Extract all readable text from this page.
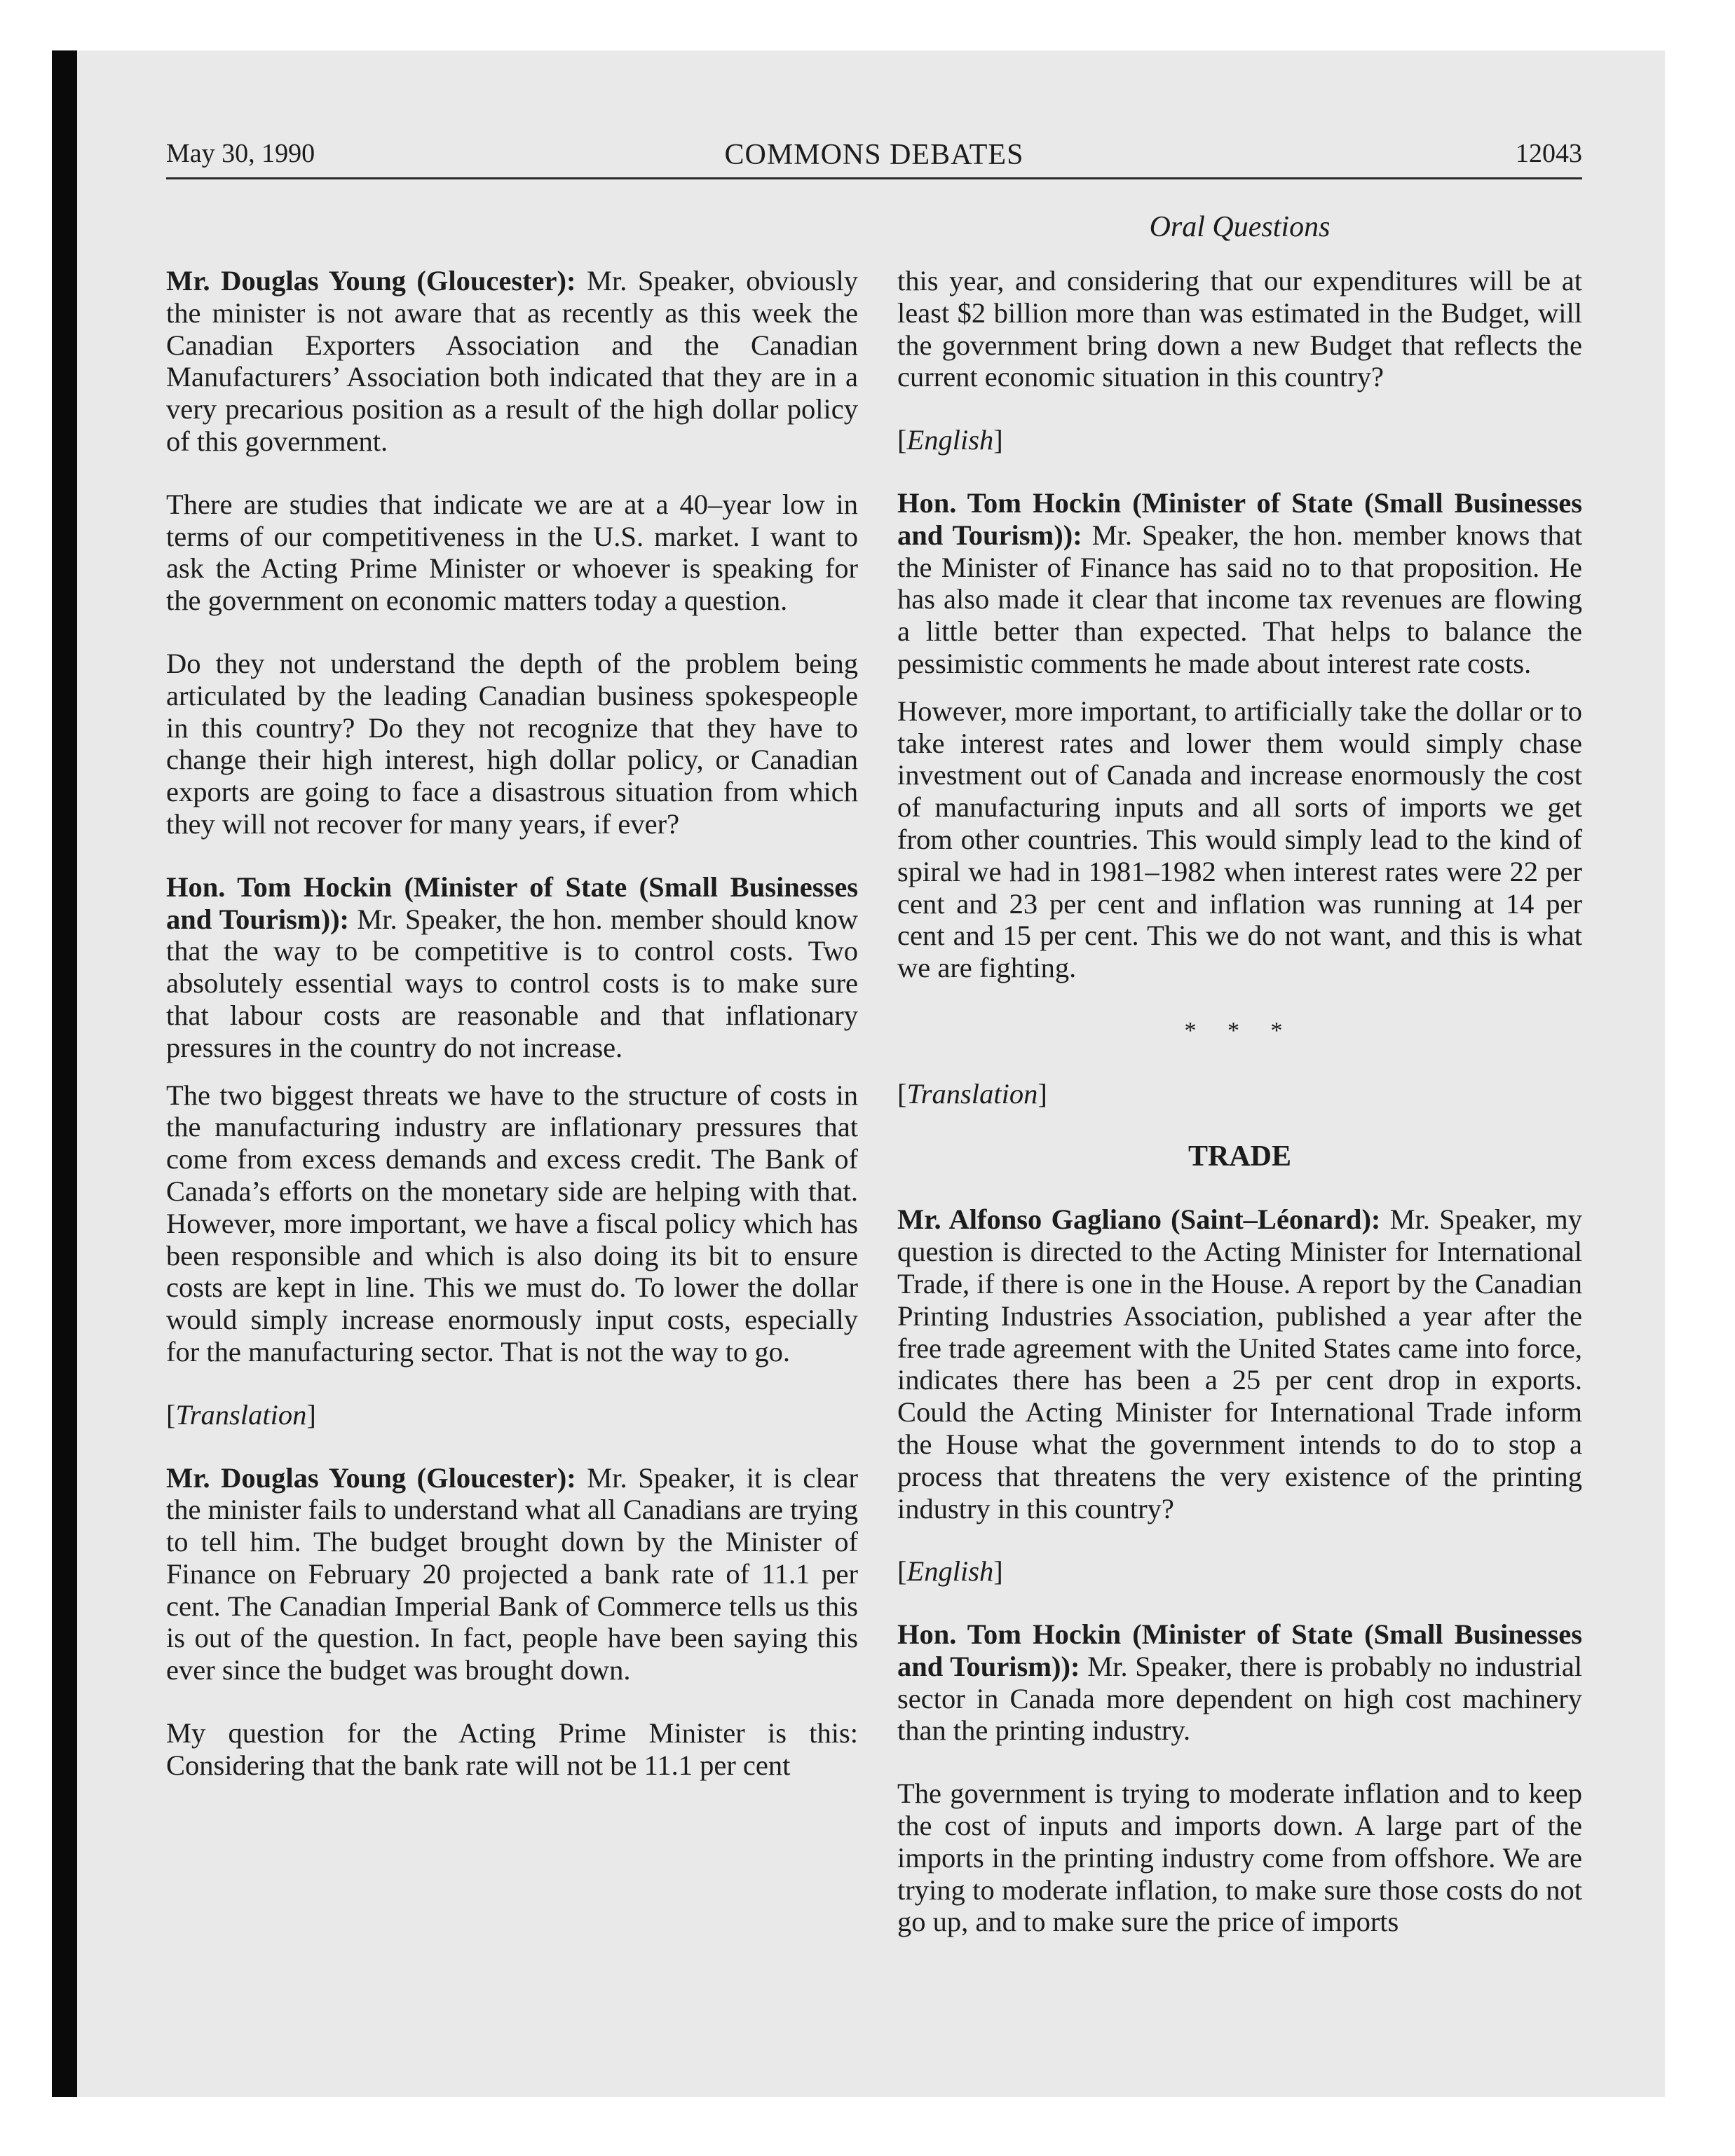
May 30, 1990	COMMONS DEBATES	12043
Oral Questions

Mr. Douglas Young (Gloucester): Mr. Speaker, obviously the minister is not aware that as recently as this week the Canadian Exporters Association and the Canadian Manufacturers’ Association both indicated that they are in a very precarious position as a result of the high dollar policy of this government.

There are studies that indicate we are at a 40–year low in terms of our competitiveness in the U.S. market. I want to ask the Acting Prime Minister or whoever is speaking for the government on economic matters today a question.

Do they not understand the depth of the problem being articulated by the leading Canadian business spokespeople in this country? Do they not recognize that they have to change their high interest, high dollar policy, or Canadian exports are going to face a disastrous situation from which they will not recover for many years, if ever?

Hon. Tom Hockin (Minister of State (Small Businesses and Tourism)): Mr. Speaker, the hon. member should know that the way to be competitive is to control costs. Two absolutely essential ways to control costs is to make sure that labour costs are reasonable and that inflationary pressures in the country do not increase.

The two biggest threats we have to the structure of costs in the manufacturing industry are inflationary pressures that come from excess demands and excess credit. The Bank of Canada’s efforts on the monetary side are helping with that. However, more important, we have a fiscal policy which has been responsible and which is also doing its bit to ensure costs are kept in line. This we must do. To lower the dollar would simply increase enormously input costs, especially for the manufacturing sector. That is not the way to go.

[Translation]

Mr. Douglas Young (Gloucester): Mr. Speaker, it is clear the minister fails to understand what all Canadians are trying to tell him. The budget brought down by the Minister of Finance on February 20 projected a bank rate of 11.1 per cent. The Canadian Imperial Bank of Commerce tells us this is out of the question. In fact, people have been saying this ever since the budget was brought down.

My question for the Acting Prime Minister is this: Considering that the bank rate will not be 11.1 per cent

this year, and considering that our expenditures will be at least $2 billion more than was estimated in the Budget, will the government bring down a new Budget that reflects the current economic situation in this country?

[English]

Hon. Tom Hockin (Minister of State (Small Businesses and Tourism)): Mr. Speaker, the hon. member knows that the Minister of Finance has said no to that proposition. He has also made it clear that income tax revenues are flowing a little better than expected. That helps to balance the pessimistic comments he made about interest rate costs.

However, more important, to artificially take the dollar or to take interest rates and lower them would simply chase investment out of Canada and increase enormously the cost of manufacturing inputs and all sorts of imports we get from other countries. This would simply lead to the kind of spiral we had in 1981–1982 when interest rates were 22 per cent and 23 per cent and inflation was running at 14 per cent and 15 per cent. This we do not want, and this is what we are fighting.

* * *
[Translation]
TRADE

Mr. Alfonso Gagliano (Saint–Léonard): Mr. Speaker, my question is directed to the Acting Minister for International Trade, if there is one in the House. A report by the Canadian Printing Industries Association, published a year after the free trade agreement with the United States came into force, indicates there has been a 25 per cent drop in exports. Could the Acting Minister for International Trade inform the House what the government intends to do to stop a process that threatens the very existence of the printing industry in this country?

[English]

Hon. Tom Hockin (Minister of State (Small Businesses and Tourism)): Mr. Speaker, there is probably no industrial sector in Canada more dependent on high cost machinery than the printing industry.

The government is trying to moderate inflation and to keep the cost of inputs and imports down. A large part of the imports in the printing industry come from offshore. We are trying to moderate inflation, to make sure those costs do not go up, and to make sure the price of imports
